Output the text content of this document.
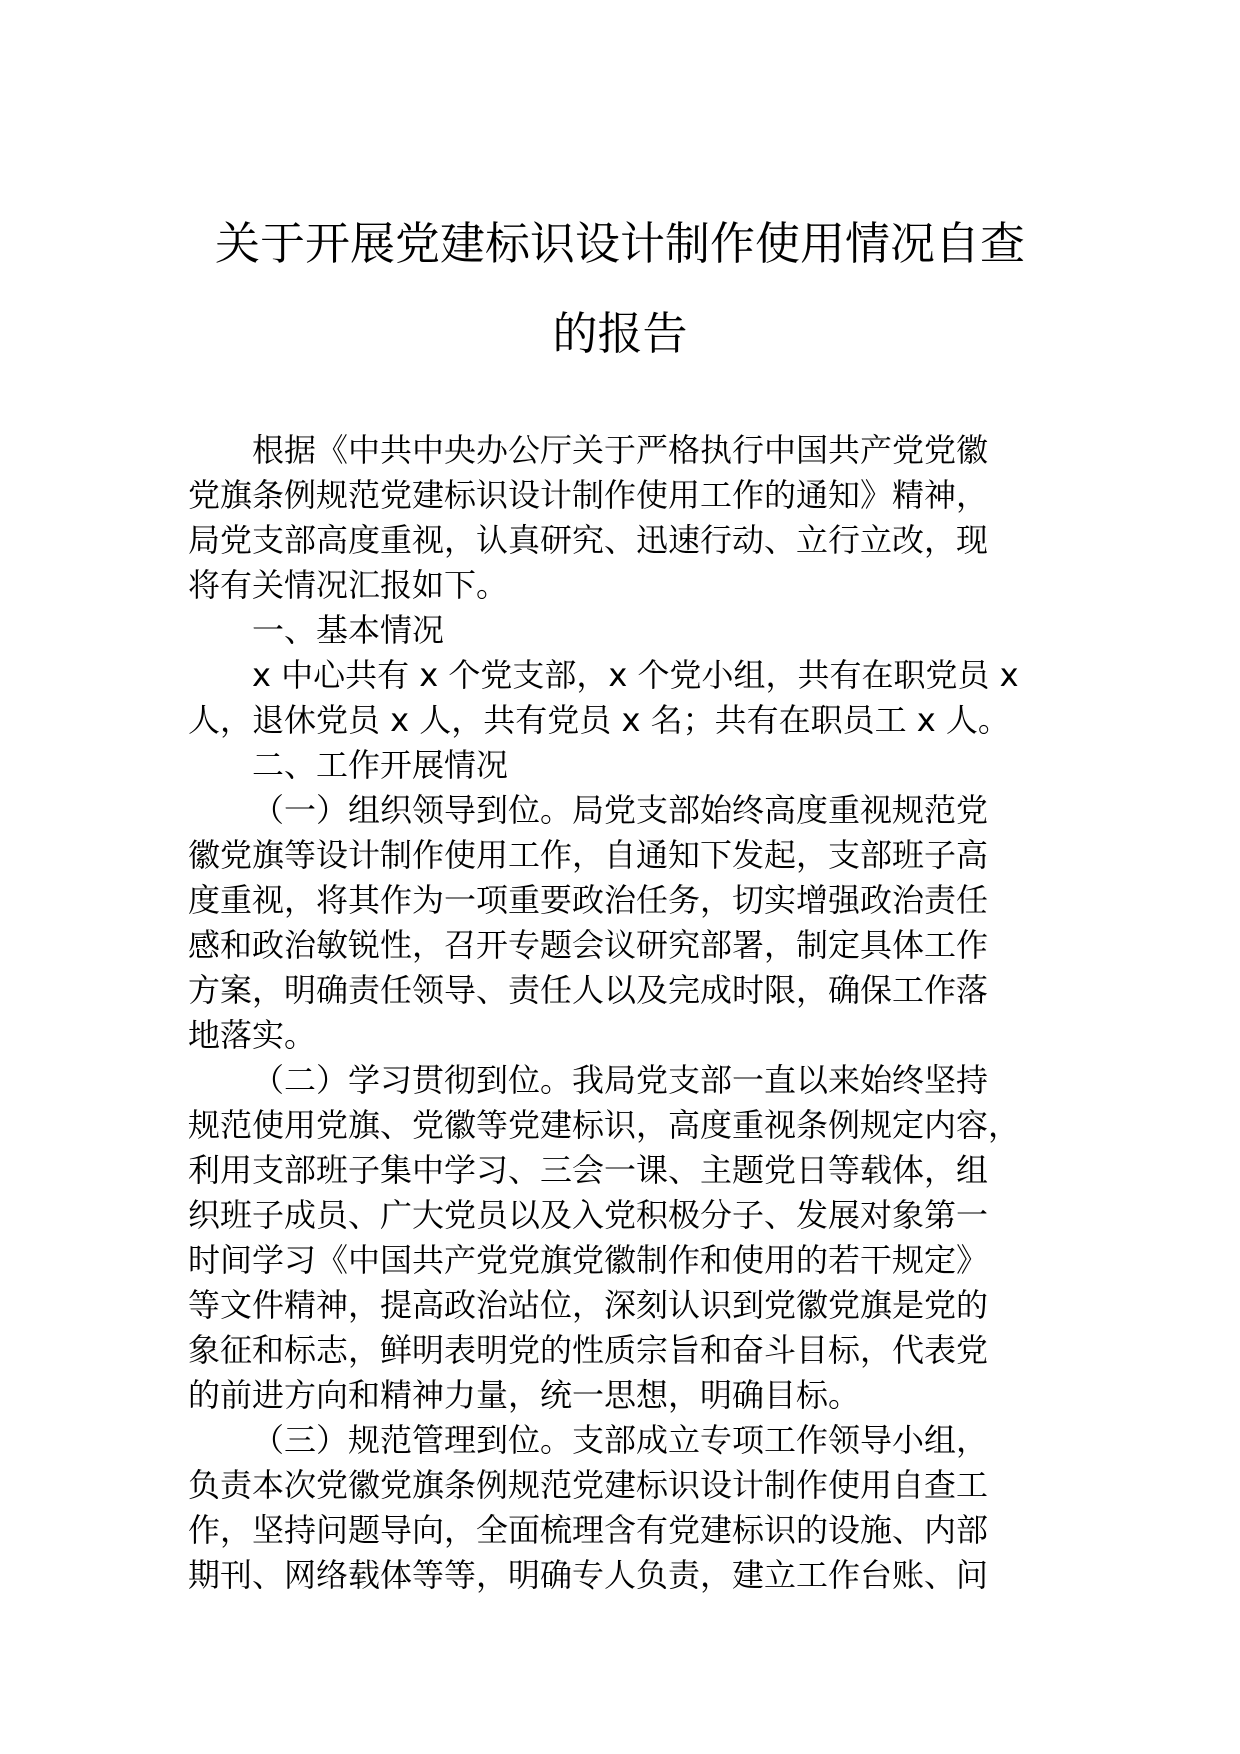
关于开展党建标识设计制作使用情况自查
的报告
根据《中共中央办公厅关于严格执行中国共产党党徽
党旗条例规范党建标识设计制作使用工作的通知》精神，
局党支部高度重视，认真研究、迅速行动、立行立改，现
将有关情况汇报如下。
一、基本情况
x 中心共有 x 个党支部，x 个党小组，共有在职党员 x
人，退休党员 x 人，共有党员 x 名；共有在职员工 x 人。
二、工作开展情况
（一）组织领导到位。局党支部始终高度重视规范党
徽党旗等设计制作使用工作，自通知下发起，支部班子高
度重视，将其作为一项重要政治任务，切实增强政治责任
感和政治敏锐性，召开专题会议研究部署，制定具体工作
方案，明确责任领导、责任人以及完成时限，确保工作落
地落实。
（二）学习贯彻到位。我局党支部一直以来始终坚持
规范使用党旗、党徽等党建标识，高度重视条例规定内容，
利用支部班子集中学习、三会一课、主题党日等载体，组
织班子成员、广大党员以及入党积极分子、发展对象第一
时间学习《中国共产党党旗党徽制作和使用的若干规定》
等文件精神，提高政治站位，深刻认识到党徽党旗是党的
象征和标志，鲜明表明党的性质宗旨和奋斗目标，代表党
的前进方向和精神力量，统一思想，明确目标。
（三）规范管理到位。支部成立专项工作领导小组，
负责本次党徽党旗条例规范党建标识设计制作使用自查工
作，坚持问题导向，全面梳理含有党建标识的设施、内部
期刊、网络载体等等，明确专人负责，建立工作台账、问
